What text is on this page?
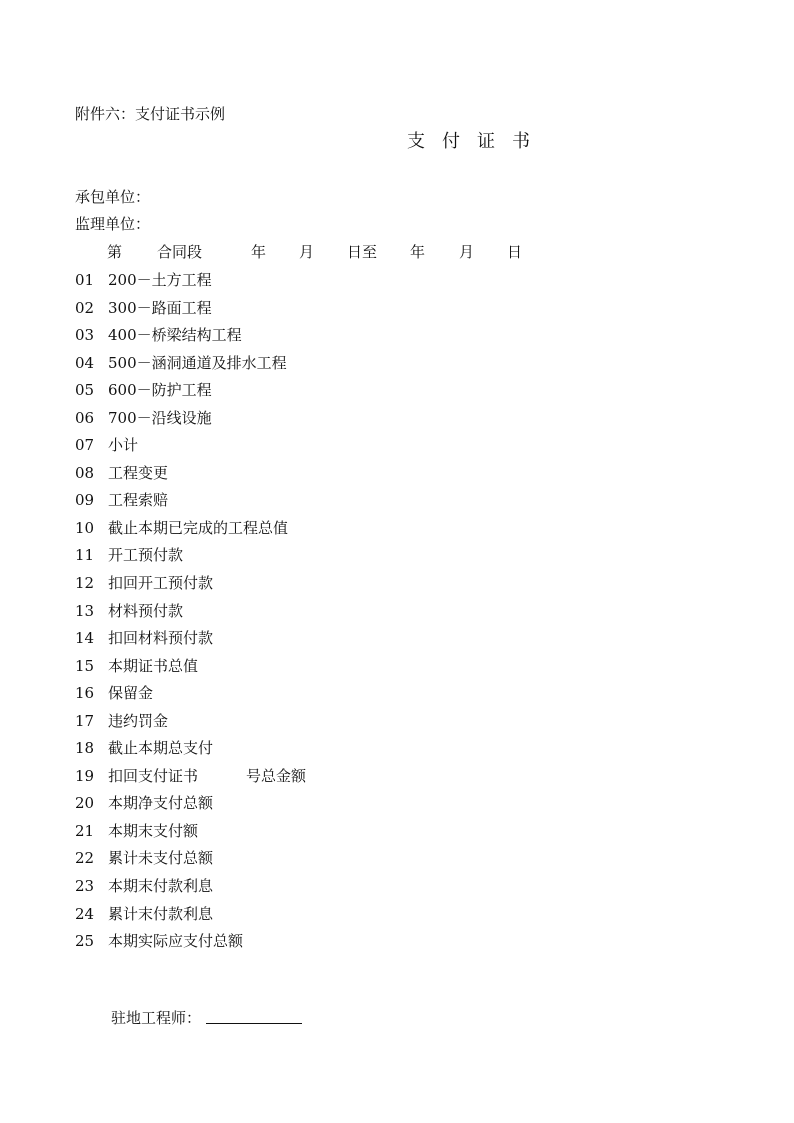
附件六：支付证书示例
支付证书
承包单位：
监理单位：
第 合同段	年 月 日至 年 月 日
01 200－土方工程
02 300－路面工程
03 400－桥梁结构工程
04 500－涵洞通道及排水工程
05 600－防护工程
06 700－沿线设施
07 小计
08 工程变更
09 工程索赔
10 截止本期已完成的工程总值
11 开工预付款
12 扣回开工预付款
13 材料预付款
14 扣回材料预付款
15 本期证书总值
16 保留金
17 违约罚金
18 截止本期总支付
19 扣回支付证书	号总金额
20 本期净支付总额
21 本期末支付额
22 累计未支付总额
23 本期末付款利息
24 累计末付款利息
25 本期实际应支付总额
驻地工程师：
